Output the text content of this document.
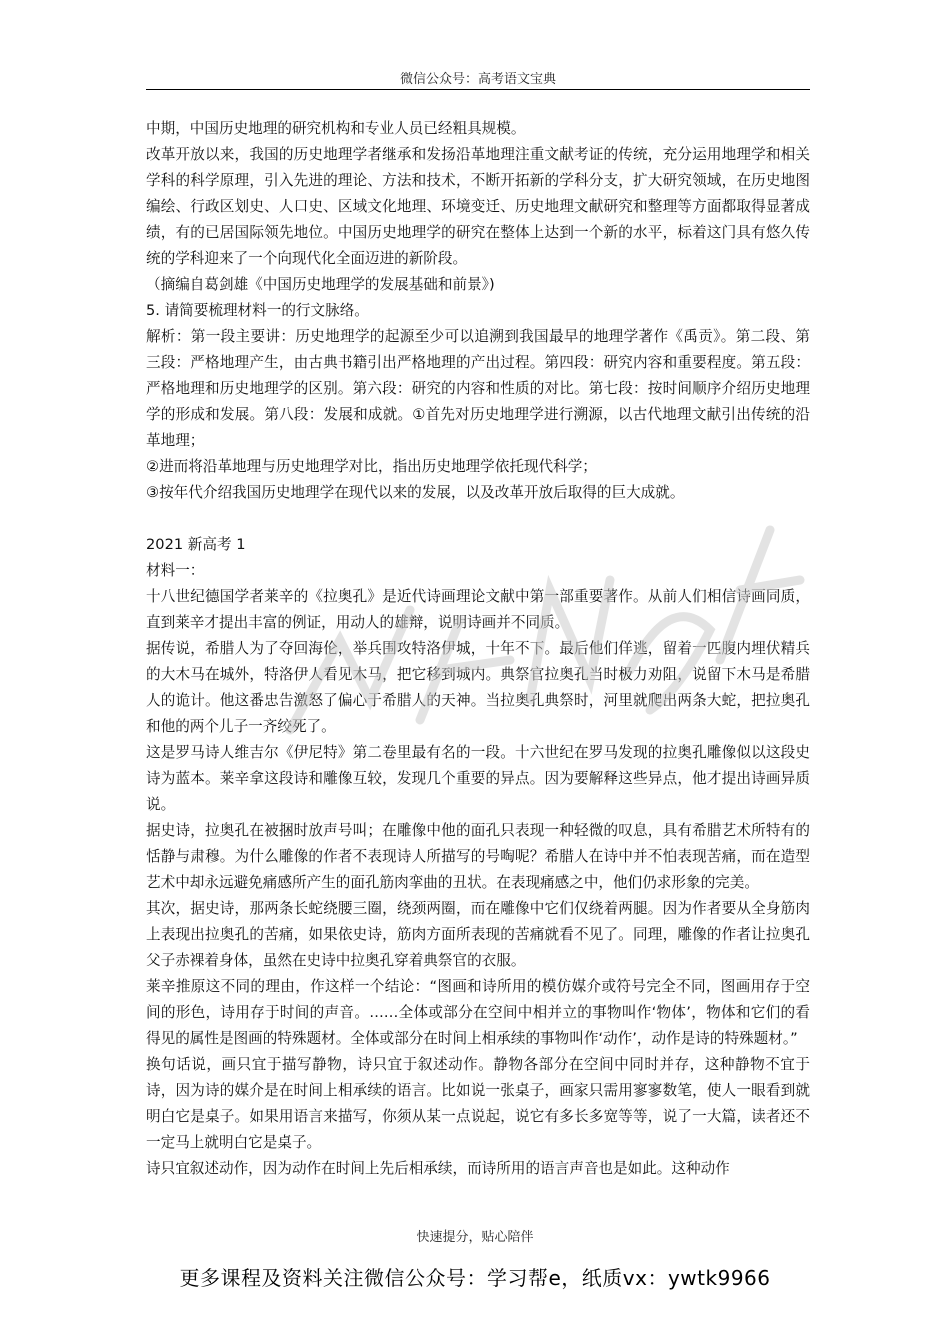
微信公众号：高考语文宝典

中期，中国历史地理的研究机构和专业人员已经粗具规模。

改革开放以来，我国的历史地理学者继承和发扬沿革地理注重文献考证的传统，充分运用地理学和相关学科的科学原理，引入先进的理论、方法和技术，不断开拓新的学科分支，扩大研究领域，在历史地图编绘、行政区划史、人口史、区域文化地理、环境变迁、历史地理文献研究和整理等方面都取得显著成绩，有的已居国际领先地位。中国历史地理学的研究在整体上达到一个新的水平，标着这门具有悠久传统的学科迎来了一个向现代化全面迈进的新阶段。

（摘编自葛剑雄《中国历史地理学的发展基础和前景》)

5. 请简要梳理材料一的行文脉络。

解析：第一段主要讲：历史地理学的起源至少可以追溯到我国最早的地理学著作《禹贡》。第二段、第三段：严格地理产生，由古典书籍引出严格地理的产出过程。第四段：研究内容和重要程度。第五段：严格地理和历史地理学的区别。第六段：研究的内容和性质的对比。第七段：按时间顺序介绍历史地理学的形成和发展。第八段：发展和成就。①首先对历史地理学进行溯源，以古代地理文献引出传统的沿革地理；

②进而将沿革地理与历史地理学对比，指出历史地理学依托现代科学；

③按年代介绍我国历史地理学在现代以来的发展，以及改革开放后取得的巨大成就。

2021 新高考 1

材料一：

十八世纪德国学者莱辛的《拉奥孔》是近代诗画理论文献中第一部重要著作。从前人们相信诗画同质，直到莱辛才提出丰富的例证，用动人的雄辩，说明诗画并不同质。

据传说，希腊人为了夺回海伦，举兵围攻特洛伊城，十年不下。最后他们佯逃，留着一匹腹内埋伏精兵的大木马在城外，特洛伊人看见木马，把它移到城内。典祭官拉奥孔当时极力劝阻，说留下木马是希腊人的诡计。他这番忠告激怒了偏心于希腊人的天神。当拉奥孔典祭时，河里就爬出两条大蛇，把拉奥孔和他的两个儿子一齐绞死了。

这是罗马诗人维吉尔《伊尼特》第二卷里最有名的一段。十六世纪在罗马发现的拉奥孔雕像似以这段史诗为蓝本。莱辛拿这段诗和雕像互较，发现几个重要的异点。因为要解释这些异点，他才提出诗画异质说。

据史诗，拉奥孔在被捆时放声号叫；在雕像中他的面孔只表现一种轻微的叹息，具有希腊艺术所特有的恬静与肃穆。为什么雕像的作者不表现诗人所描写的号啕呢？希腊人在诗中并不怕表现苦痛，而在造型艺术中却永远避免痛感所产生的面孔筋肉挛曲的丑状。在表现痛感之中，他们仍求形象的完美。

其次，据史诗，那两条长蛇绕腰三圈，绕颈两圈，而在雕像中它们仅绕着两腿。因为作者要从全身筋肉上表现出拉奥孔的苦痛，如果依史诗，筋肉方面所表现的苦痛就看不见了。同理，雕像的作者让拉奥孔父子赤裸着身体，虽然在史诗中拉奥孔穿着典祭官的衣服。

莱辛推原这不同的理由，作这样一个结论：“图画和诗所用的模仿媒介或符号完全不同，图画用存于空间的形色，诗用存于时间的声音。……全体或部分在空间中相并立的事物叫作‘物体’，物体和它们的看得见的属性是图画的特殊题材。全体或部分在时间上相承续的事物叫作‘动作’，动作是诗的特殊题材。”

换句话说，画只宜于描写静物，诗只宜于叙述动作。静物各部分在空间中同时并存，这种静物不宜于诗，因为诗的媒介是在时间上相承续的语言。比如说一张桌子，画家只需用寥寥数笔，使人一眼看到就明白它是桌子。如果用语言来描写，你须从某一点说起，说它有多长多宽等等，说了一大篇，读者还不一定马上就明白它是桌子。

诗只宜叙述动作，因为动作在时间上先后相承续，而诗所用的语言声音也是如此。这种动作

快速提分，贴心陪伴
更多课程及资料关注微信公众号：学习帮e，纸质vx：ywtk9966
